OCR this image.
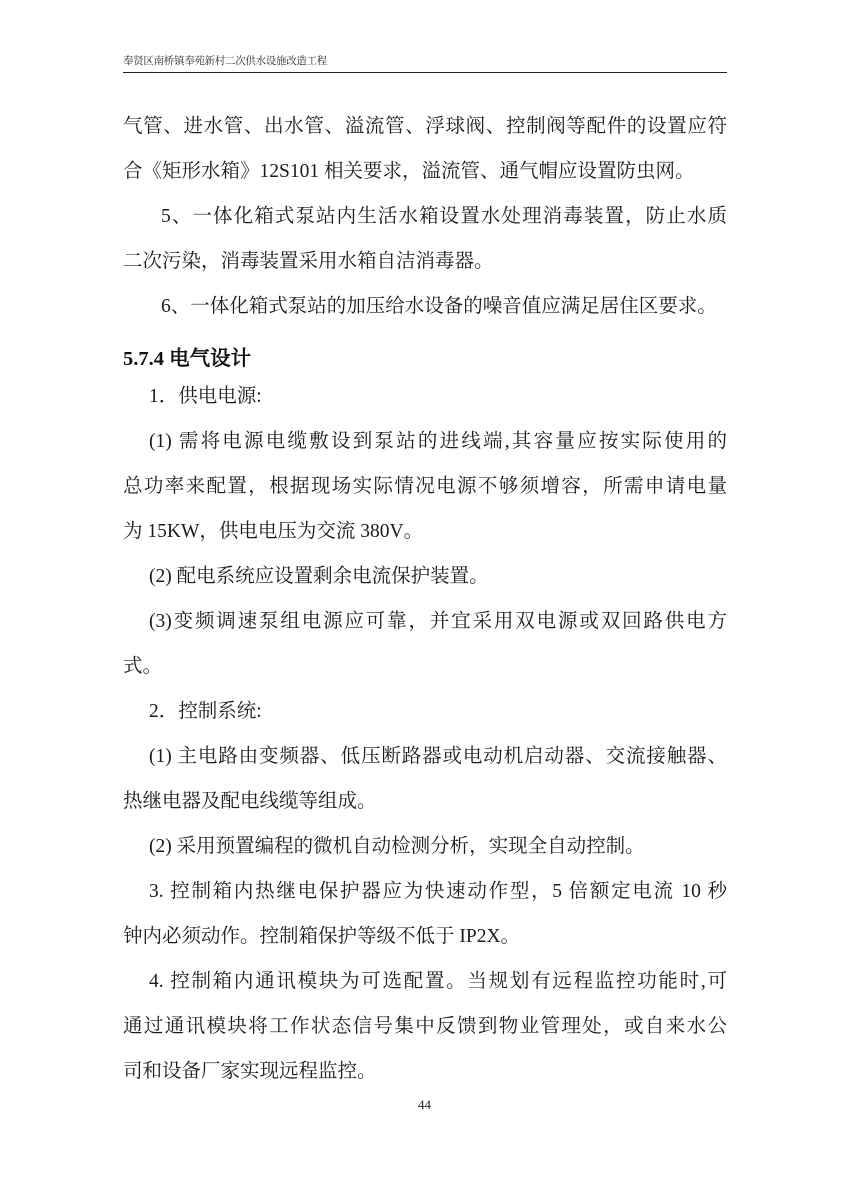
奉贤区南桥镇奉苑新村二次供水设施改造工程

气管、进水管、出水管、溢流管、浮球阀、控制阀等配件的设置应符
合《矩形水箱》12S101 相关要求，溢流管、通气帽应设置防虫网。

5、一体化箱式泵站内生活水箱设置水处理消毒装置，防止水质
二次污染，消毒装置采用水箱自洁消毒器。

6、一体化箱式泵站的加压给水设备的噪音值应满足居住区要求。

5.7.4 电气设计

1．供电电源:

(1) 需将电源电缆敷设到泵站的进线端,其容量应按实际使用的
总功率来配置，根据现场实际情况电源不够须增容，所需申请电量
为 15KW，供电电压为交流 380V。

(2) 配电系统应设置剩余电流保护装置。

(3)变频调速泵组电源应可靠，并宜采用双电源或双回路供电方
式。

2．控制系统:

(1) 主电路由变频器、低压断路器或电动机启动器、交流接触器、
热继电器及配电线缆等组成。

(2) 采用预置编程的微机自动检测分析，实现全自动控制。

3. 控制箱内热继电保护器应为快速动作型，5 倍额定电流 10 秒
钟内必须动作。控制箱保护等级不低于 IP2X。

4. 控制箱内通讯模块为可选配置。当规划有远程监控功能时,可
通过通讯模块将工作状态信号集中反馈到物业管理处，或自来水公
司和设备厂家实现远程监控。

44
